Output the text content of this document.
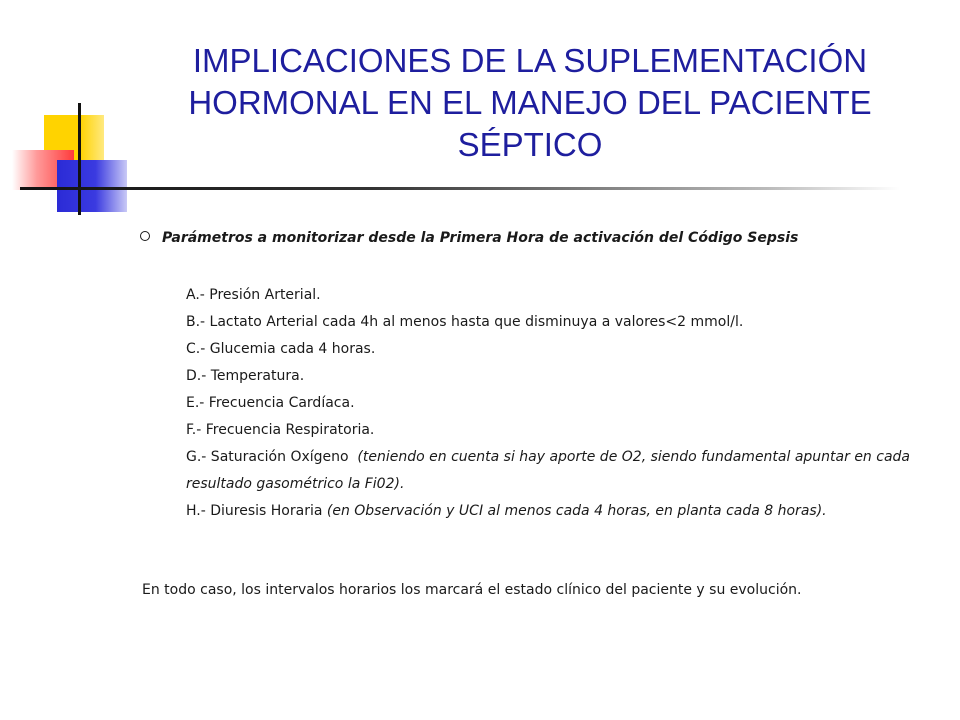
IMPLICACIONES DE LA SUPLEMENTACIÓN
HORMONAL EN EL MANEJO DEL PACIENTE
SÉPTICO
Parámetros a monitorizar desde la Primera Hora de activación del Código Sepsis
A.- Presión Arterial.
B.- Lactato Arterial cada 4h al menos hasta que disminuya a valores<2 mmol/l.
C.- Glucemia cada 4 horas.
D.- Temperatura.
E.- Frecuencia Cardíaca.
F.- Frecuencia Respiratoria.
G.- Saturación Oxígeno (teniendo en cuenta si hay aporte de O2, siendo fundamental apuntar en cada
resultado gasométrico la Fi02).
H.- Diuresis Horaria (en Observación y UCI al menos cada 4 horas, en planta cada 8 horas).
En todo caso, los intervalos horarios los marcará el estado clínico del paciente y su evolución.
